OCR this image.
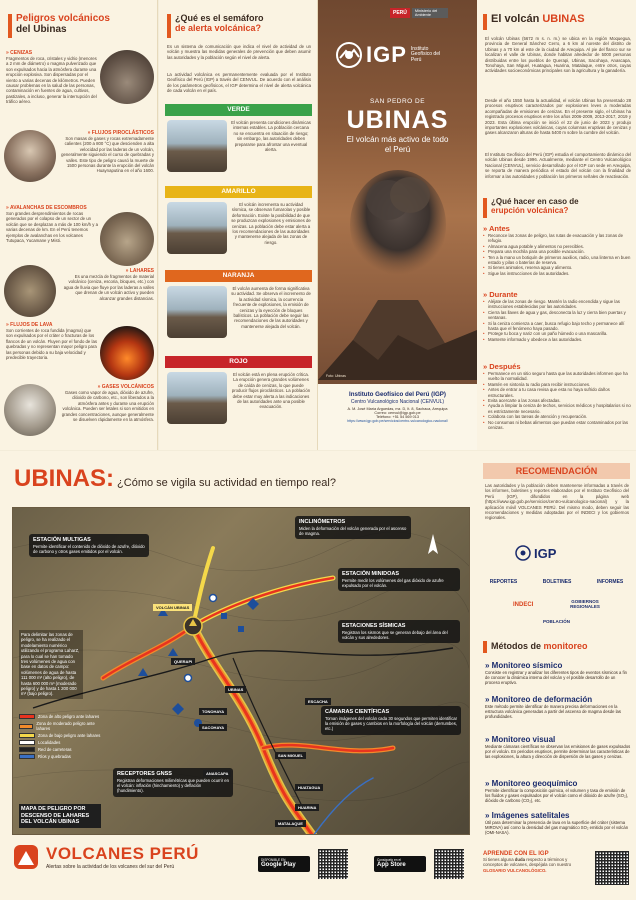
Peligros volcánicos
del Ubinas
» CENIZAS
Fragmentos de roca, cristales y vidrio (menores a 2 mm de diámetro) o magma pulverizado que son expulsados hacia la atmósfera durante una erupción explosiva. Son dispersadas por el viento a varias decenas de kilómetros. Pueden causar problemas en la salud de las personas, contaminación en fuentes de agua, cultivos, pastizales, a incluso, generar la interrupción del tráfico aéreo.
» FLUJOS PIROCLÁSTICOS
Son masas de gases y rocas extremadamente calientes (200 a 800 °C) que descienden a alta velocidad por las laderas de un volcán, generalmente siguiendo el curso de quebradas y valles. Este tipo de peligro causó la muerte de 1500 personas durante la erupción del volcán Huaynaputina en el año 1600.
» AVALANCHAS DE ESCOMBROS
Son grandes desprendimientos de rocas generados por el colapso de un sector de un volcán que se desplazan a más de 100 km/h y a varias decenas de km. En el Perú tenemos ejemplos de avalanchas en los volcanes Tutupaca, Yucamane y Misti.
» LAHARES
Es una mezcla de fragmentos de material volcánico (ceniza, escoria, bloques, etc.) con agua de lluvia que fluye por las laderas a valles que drenan de un volcán activo y pueden alcanzar grandes distancias.
» FLUJOS DE LAVA
Son corrientes de roca fundida (magma) que son expulsados por el cráter o fracturas de los flancos de un volcán. Fluyen por el fondo de las quebradas y no representan mayor peligro para las personas debido a su baja velocidad y predecible trayectoria.
» GASES VOLCÁNICOS
Gases como vapor de agua, dióxido de azufre, dióxido de carbono, etc., son liberados a la atmósfera antes y durante una erupción volcánica. Pueden ser letales si son emitidos en grandes concentraciones, aunque generalmente se disuelven rápidamente en la atmósfera.
¿Qué es el semáforo
de alerta volcánica?
Es un sistema de comunicación que indica el nivel de actividad de un volcán y muestra las medidas generales de prevención que deben asumir las autoridades y la población según el nivel de alerta.
La actividad volcánica es permanentemente evaluada por el Instituto Geofísico del Perú (IGP) a través del CENVUL. De acuerdo con el análisis de los parámetros geofísicos, el IGP determina el nivel de alerta volcánica de cada volcán en el país.
VERDE
El volcán presenta condiciones dinámicas internas estables. La población cercana no se encuentra en situación de riesgo; sin embargo, las autoridades deben prepararse para afrontar una eventual alerta.
AMARILLO
El volcán incrementa su actividad sísmica, se observan fumarolas y posible deformación. Existe la posibilidad de que se produzcan explosiones y emisiones de cenizas. La población debe estar alerta a los recomendaciones de las autoridades y mantenerse alejada de las zonas de riesgo.
NARANJA
El volcán aumenta de forma significativa su actividad. Se observa el incremento de la actividad sísmica, la ocurrencia frecuente de explosiones, la emisión de cenizas y la eyección de bloques balísticos. La población debe seguir las recomendaciones de las autoridades y mantenerse alejada del volcán.
ROJO
El volcán está en plena erupción crítica. La erupción genera grandes volúmenes de caída de cenizas, lo que puede producir flujos piroclásticos. La población debe estar muy alerta a las indicaciones de las autoridades ante una posible evacuación.
PERÚ	Ministerio del Ambiente
IGP Instituto Geofísico del Perú
SAN PEDRO DE
UBINAS
El volcán más activo de todo el Perú
Foto: Ubinas
Instituto Geofísico del Perú (IGP)
Centro Vulcanológico Nacional (CENVUL)
A. M. José María Arguedas, mz. D, lt. 8, Sachaca, Arequipa
Correo: cenvul@igp.gob.pe
Teléfono: +51 54 569 013
https://www.igp.gob.pe/servicios/centro-vulcanologico-nacional/
El volcán UBINAS
El volcán Ubinas (5672 m s. n. m.) se ubica en la región Moquegua, provincia de General Sánchez Cerro, a 6 km al noreste del distrito de Ubinas y a 70 km al este de la ciudad de Arequipa. Al pie del flanco sur se localizan el valle de Ubinas, donde habitan alrededor de 5000 personas distribuidas entre los pueblos de Querapi, Ubinas, Sacohaya, Anascapa, Tonohaya, San Miguel, Huatagua, Huarina, Matalaque, entre otros, cuyas actividades socioeconómicas principales son la agricultura y la ganadería.
Desde el año 1550 hasta la actualidad, el volcán Ubinas ha presentado 28 procesos eruptivos caracterizados por explosiones leves a moderadas acompañadas de emisiones de cenizas. En el presente siglo, el Ubinas ha registrado procesos eruptivos entre los años 2006-2009, 2013-2017, 2019 y 2023. Esta última erupción se inició el 22 de junio de 2023 y produjo importantes explosiones volcánicas, cuyas columnas eruptivas de cenizas y gases alcanzaron alturas de hasta 5400 m sobre la cumbre del volcán.
El Instituto Geofísico del Perú (IGP) estudia el comportamiento dinámico del volcán Ubinas desde 1996. Actualmente, mediante el Centro Vulcanológico Nacional (CENVUL), servicio desarrollado por el IGP con sede en Arequipa, se reporta de manera periódica el estado del volcán con la finalidad de informar a las autoridades y población los primeros señales de reactivación.
¿Qué hacer en caso de
erupción volcánica?
» Antes
• Reconoce las zonas de peligro, las rutas de evacuación y las zonas de refugio.
• Almacena agua potable y alimentos no perecibles.
• Prepara una mochila para una posible evacuación.
• Ten a la mano un botiquín de primeros auxilios, radio, una linterna en buen estado y pilas o baterías de reserva.
• Si tienes animales, reserva agua y alimento.
• Sigue las instrucciones de las autoridades.
» Durante
• Aléjate de las zonas de riesgo. Mantén la radio encendida y sigue las instrucciones establecidas por las autoridades.
• Cierra las llaves de agua y gas, desconecta la luz y cierra bien puertas y ventanas.
• Si la ceniza comienza a caer, busca refugio bajo techo y permanece allí hasta que el fenómeno haya pasado.
• Protege tu boca y nariz con un paño húmedo o una mascarilla.
• Mantente informado y obedece a las autoridades.
» Después
• Permanece en un sitio seguro hasta que las autoridades informen que ha vuelto la normalidad.
• Mantén en sintonía tu radio para recibir instrucciones.
• Antes de entrar a tu casa revisa que esta no haya sufrido daños estructurales.
• Evita acercarte a las zonas afectadas.
• Ayuda a limpiar la ceniza de techos, servicios médicos y hospitalarios si no es estrictamente necesario.
• Colabora con las tareas de atención y recuperación.
• No consumas ni bebas alimentos que puedan estar contaminados por las cenizas.
UBINAS: ¿Cómo se vigila su actividad en tiempo real?
ESTACIÓN MULTIGAS
Permite identificar el contenido de dióxido de azufre, dióxido de carbono y otros gases emitidos por el volcán.
INCLINÓMETROS
Miden la deformación del volcán generada por el ascenso de magma.
ESTACIÓN MINIDOAS
Permite medir los volúmenes del gas dióxido de azufre expulsado por el volcán.
ESTACIONES SÍSMICAS
Registran los sismos que se generan debajo del área del volcán y sus alrededores.
CÁMARAS CIENTÍFICAS
Toman imágenes del volcán cada 30 segundos que permiten identificar la emisión de gases y cambios en la morfología del volcán (derrumbes, etc.)
RECEPTORES GNSS
Registran deformaciones milimétricas que pueden ocurrir en el volcán: inflación (hinchamiento) y deflación (hundimiento).
VOLCÁN UBINAS
QUERAPI
UBINAS
ESCACHA
TONOHAYA
SACOHAYA
SAN MIGUEL
ANASCAPA
HUATAGUA
HUARINA
MATALAQUE
Para delimitar las zonas de peligro, se ha realizado el modelamiento numérico utilizando el programa LaharZ, para lo cual se han tomado tres volúmenes de agua con base en datos de campo: volúmenes de agua de hasta 111 000 m³ (alto peligro), de hasta 600 000 m³ (moderado peligro) y de hasta 1 200 000 m³ (bajo peligro).
Zona de alto peligro ante lahares
Zona de moderado peligro ante lahares
Zona de bajo peligro ante lahares
Localidades
Red de carreteras
Ríos y quebradas
MAPA DE PELIGRO POR DESCENSO DE LAHARES DEL VOLCÁN UBINAS
VOLCANES PERÚ
Alertas sobre la actividad de los volcanes del sur del Perú
DISPONIBLE EN
Google Play
Consíguelo en el
App Store
RECOMENDACIÓN
Las autoridades y la población deben mantenerse informadas a través de los informes, boletines y reportes elaborados por el Instituto Geofísico del Perú (IGP), difundidos en la página web (https://www.igp.gob.pe/servicios/centro-vulcanologico-nacional) y la aplicación móvil VOLCANES PERÚ. Del mismo modo, deben seguir las recomendaciones y medidas adoptadas por el INDECI y los gobiernos regionales.
IGP
REPORTES	BOLETINES	INFORMES
INDECI
GOBIERNOS REGIONALES
POBLACIÓN
Métodos de monitoreo
» Monitoreo sísmico
Consiste en registrar y analizar los diferentes tipos de eventos sísmicos a fin de conocer la dinámica interna del volcán y el posible desarrollo de un proceso eruptivo.
» Monitoreo de deformación
Este método permite identificar de manera precisa deformaciones en la estructura volcánica generadas a partir del ascenso de magma desde las profundidades.
» Monitoreo visual
Mediante cámaras científicas se observan las emisiones de gases expulsados por el volcán. En periodos eruptivos, permite determinar las características de las explosiones, la altura y dirección de dispersión de las gases y cenizas.
» Monitoreo geoquímico
Permite identificar la composición química, el volumen y tasa de emisión de los fluidos y gases expulsados por el volcán como el dióxido de azufre (SO₂), dióxido de carbono (CO₂), etc.
» Imágenes satelitales
Útil para determinar la presencia de lava en la superficie del cráter (sistema MIROVA) así como la densidad del gas magmático SO₂ emitido por el volcán (OMI-NASA).
APRENDE CON EL IGP
Si tienes alguna duda respecto a términos y conceptos de volcanes, despéjala con nuestro GLOSARIO VULCANOLÓGICO.
